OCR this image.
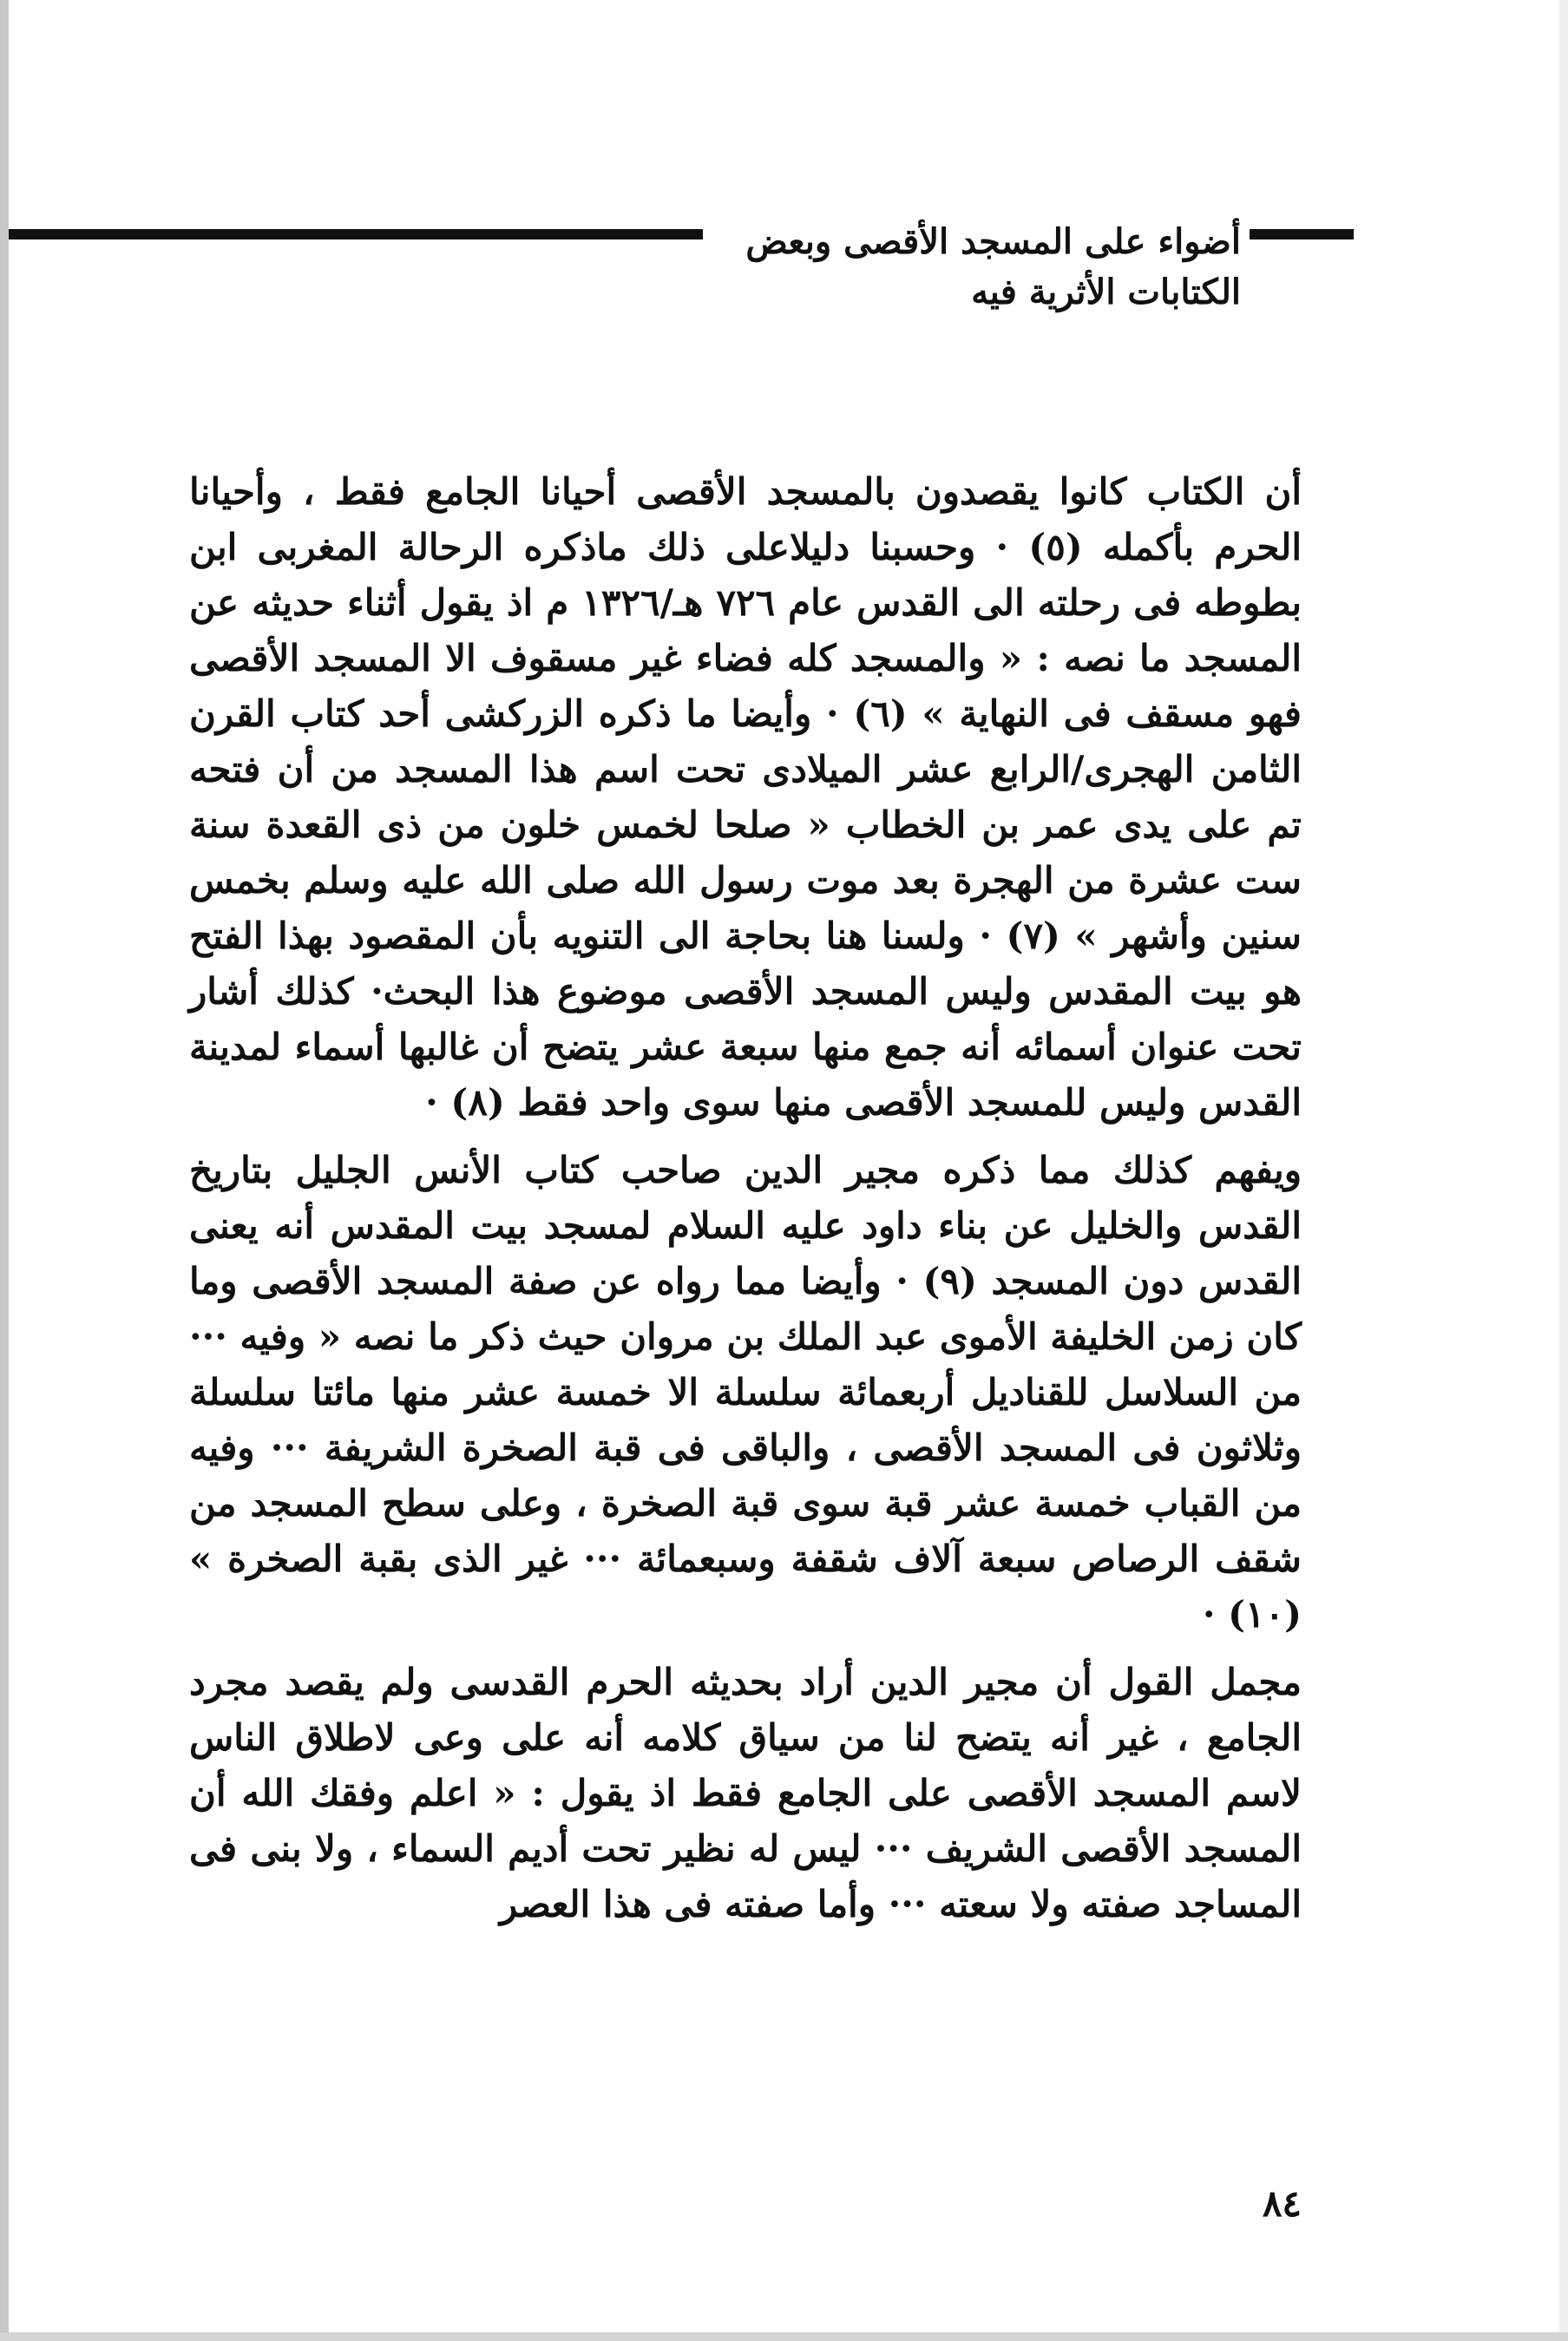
أضواء على المسجد الأقصى وبعض
الكتابات الأثرية فيه

أن الكتاب كانوا يقصدون بالمسجد الأقصى أحيانا الجامع فقط ، وأحيانا الحرم بأكمله (٥) · وحسبنا دليلاعلى ذلك ماذكره الرحالة المغربى ابن بطوطه فى رحلته الى القدس عام ٧٢٦ هـ/١٣٢٦ م اذ يقول أثناء حديثه عن المسجد ما نصه : « والمسجد كله فضاء غير مسقوف الا المسجد الأقصى فهو مسقف فى النهاية » (٦) · وأيضا ما ذكره الزركشى أحد كتاب القرن الثامن الهجرى/الرابع عشر الميلادى تحت اسم هذا المسجد من أن فتحه تم على يدى عمر بن الخطاب « صلحا لخمس خلون من ذى القعدة سنة ست عشرة من الهجرة بعد موت رسول الله صلى الله عليه وسلم بخمس سنين وأشهر » (٧) · ولسنا هنا بحاجة الى التنويه بأن المقصود بهذا الفتح هو بيت المقدس وليس المسجد الأقصى موضوع هذا البحث· كذلك أشار تحت عنوان أسمائه أنه جمع منها سبعة عشر يتضح أن غالبها أسماء لمدينة القدس وليس للمسجد الأقصى منها سوى واحد فقط (٨) ·

ويفهم كذلك مما ذكره مجير الدين صاحب كتاب الأنس الجليل بتاريخ القدس والخليل عن بناء داود عليه السلام لمسجد بيت المقدس أنه يعنى القدس دون المسجد (٩) · وأيضا مما رواه عن صفة المسجد الأقصى وما كان زمن الخليفة الأموى عبد الملك بن مروان حيث ذكر ما نصه « وفيه ··· من السلاسل للقناديل أربعمائة سلسلة الا خمسة عشر منها مائتا سلسلة وثلاثون فى المسجد الأقصى ، والباقى فى قبة الصخرة الشريفة ··· وفيه من القباب خمسة عشر قبة سوى قبة الصخرة ، وعلى سطح المسجد من شقف الرصاص سبعة آلاف شقفة وسبعمائة ··· غير الذى بقبة الصخرة » (١٠) ·

مجمل القول أن مجير الدين أراد بحديثه الحرم القدسى ولم يقصد مجرد الجامع ، غير أنه يتضح لنا من سياق كلامه أنه على وعى لاطلاق الناس لاسم المسجد الأقصى على الجامع فقط اذ يقول : « اعلم وفقك الله أن المسجد الأقصى الشريف ··· ليس له نظير تحت أديم السماء ، ولا بنى فى المساجد صفته ولا سعته ··· وأما صفته فى هذا العصر

٨٤
